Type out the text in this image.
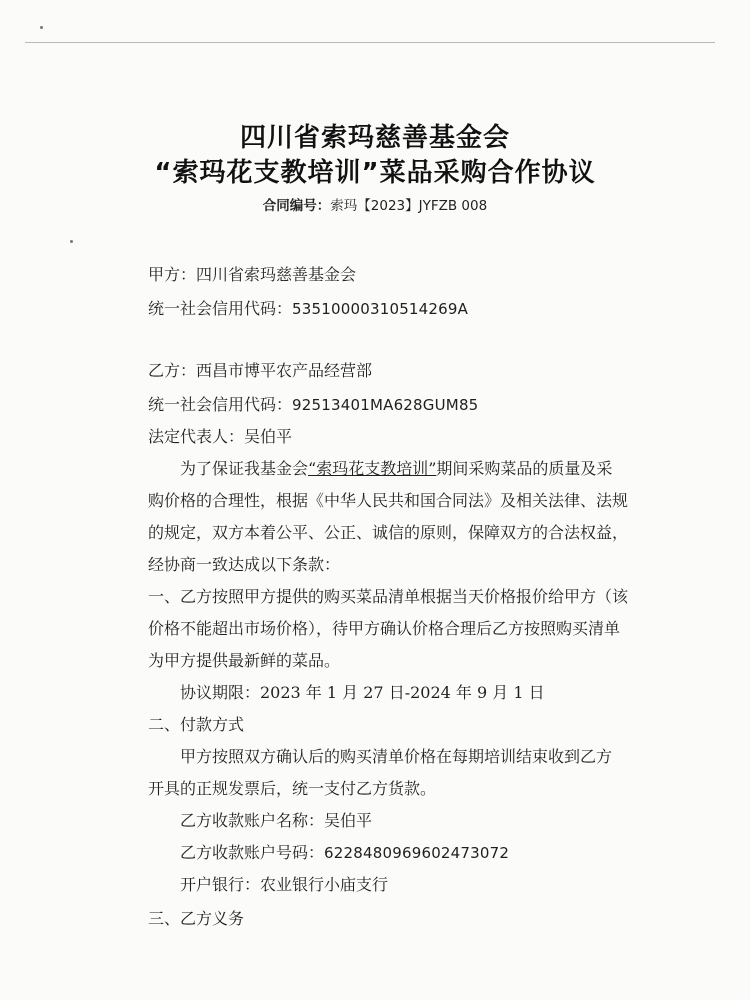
四川省索玛慈善基金会
“索玛花支教培训”菜品采购合作协议
合同编号：索玛【2023】JYFZB 008
甲方：四川省索玛慈善基金会
统一社会信用代码：53510000310514269A
乙方：西昌市博平农产品经营部
统一社会信用代码：92513401MA628GUM85
法定代表人：吴伯平
为了保证我基金会“索玛花支教培训”期间采购菜品的质量及采
购价格的合理性，根据《中华人民共和国合同法》及相关法律、法规
的规定，双方本着公平、公正、诚信的原则，保障双方的合法权益，
经协商一致达成以下条款：
一、乙方按照甲方提供的购买菜品清单根据当天价格报价给甲方（该
价格不能超出市场价格），待甲方确认价格合理后乙方按照购买清单
为甲方提供最新鲜的菜品。
协议期限：2023 年 1 月 27 日-2024 年 9 月 1 日
二、付款方式
甲方按照双方确认后的购买清单价格在每期培训结束收到乙方
开具的正规发票后，统一支付乙方货款。
乙方收款账户名称：吴伯平
乙方收款账户号码：6228480969602473072
开户银行：农业银行小庙支行
三、乙方义务
